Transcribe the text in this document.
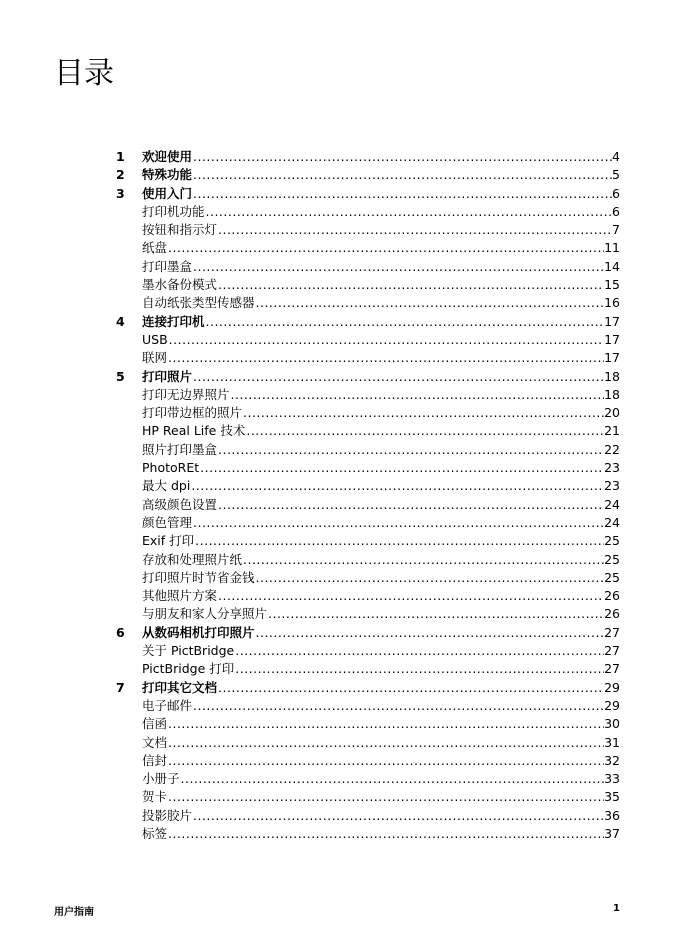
目录
1 欢迎使用 .....	4
2 特殊功能 .....	5
3 使用入门 .....	6
打印机功能 .....	6
按钮和指示灯 .....	7
纸盘 .....	11
打印墨盒 .....	14
墨水备份模式 .....	15
自动纸张类型传感器 .....	16
4 连接打印机 .....	17
USB .....	17
联网 .....	17
5 打印照片 .....	18
打印无边界照片 .....	18
打印带边框的照片 .....	20
HP Real Life 技术 .....	21
照片打印墨盒 .....	22
PhotoREt .....	23
最大 dpi .....	23
高级颜色设置 .....	24
颜色管理 .....	24
Exif 打印 .....	25
存放和处理照片纸 .....	25
打印照片时节省金钱 .....	25
其他照片方案 .....	26
与朋友和家人分享照片 .....	26
6 从数码相机打印照片 .....	27
关于 PictBridge .....	27
PictBridge 打印 .....	27
7 打印其它文档 .....	29
电子邮件 .....	29
信函 .....	30
文档 .....	31
信封 .....	32
小册子 .....	33
贺卡 .....	35
投影胶片 .....	36
标签 .....	37
用户指南	1
